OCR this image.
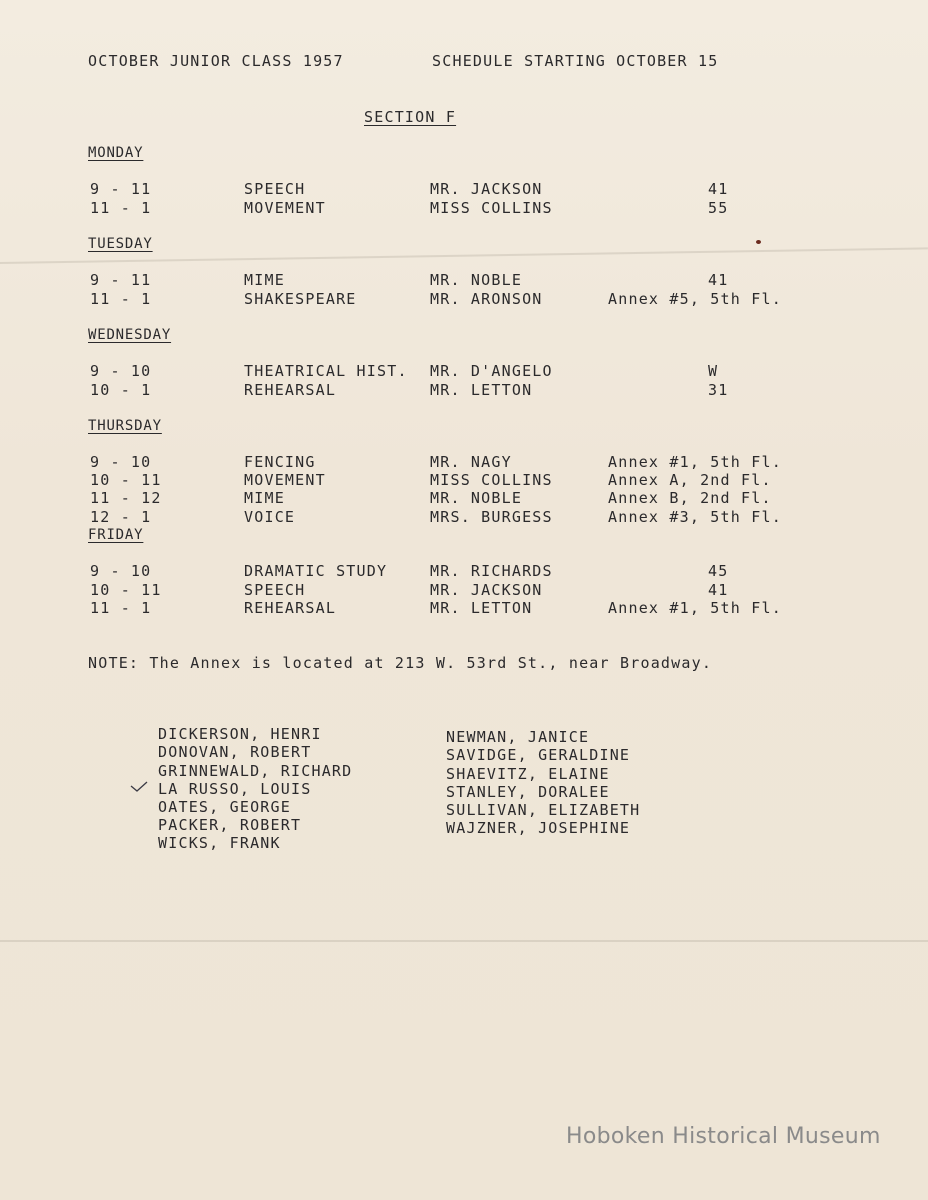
OCTOBER JUNIOR CLASS 1957	SCHEDULE STARTING OCTOBER 15
SECTION F
MONDAY
9 - 11	SPEECH	MR. JACKSON	41
11 - 1	MOVEMENT	MISS COLLINS	55
TUESDAY
9 - 11	MIME	MR. NOBLE	41
11 - 1	SHAKESPEARE	MR. ARONSON	Annex #5, 5th Fl.
WEDNESDAY
9 - 10	THEATRICAL HIST. MR. D'ANGELO	W
10 - 1	REHEARSAL	MR. LETTON	31
THURSDAY
9 - 10	FENCING	MR. NAGY	Annex #1, 5th Fl.
10 - 11	MOVEMENT	MISS COLLINS	Annex A, 2nd Fl.
11 - 12	MIME	MR. NOBLE	Annex B, 2nd Fl.
12 - 1	VOICE	MRS. BURGESS	Annex #3, 5th Fl.
FRIDAY
9 - 10	DRAMATIC STUDY	MR. RICHARDS	45
10 - 11	SPEECH	MR. JACKSON	41
11 - 1	REHEARSAL	MR. LETTON	Annex #1, 5th Fl.
NOTE: The Annex is located at 213 W. 53rd St., near Broadway.
DICKERSON, HENRI
DONOVAN, ROBERT
GRINNEWALD, RICHARD
LA RUSSO, LOUIS
OATES, GEORGE
PACKER, ROBERT
WICKS, FRANK
NEWMAN, JANICE
SAVIDGE, GERALDINE
SHAEVITZ, ELAINE
STANLEY, DORALEE
SULLIVAN, ELIZABETH
WAJZNER, JOSEPHINE
Hoboken Historical Museum
